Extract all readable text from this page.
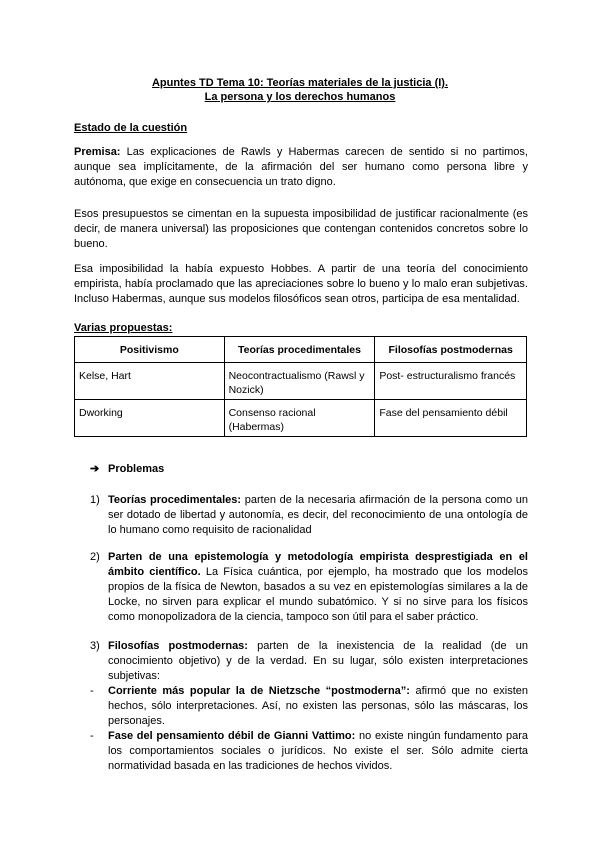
Apuntes TD Tema 10: Teorías materiales de la justicia (I).
La persona y los derechos humanos
Estado de la cuestión
Premisa: Las explicaciones de Rawls y Habermas carecen de sentido si no partimos, aunque sea implícitamente, de la afirmación del ser humano como persona libre y autónoma, que exige en consecuencia un trato digno.
Esos presupuestos se cimentan en la supuesta imposibilidad de justificar racionalmente (es decir, de manera universal) las proposiciones que contengan contenidos concretos sobre lo bueno.
Esa imposibilidad la había expuesto Hobbes. A partir de una teoría del conocimiento empirista, había proclamado que las apreciaciones sobre lo bueno y lo malo eran subjetivas. Incluso Habermas, aunque sus modelos filosóficos sean otros, participa de esa mentalidad.
Varias propuestas:
Positivismo	Teorías procedimentales	Filosofías postmodernas
Kelse, Hart	Neocontractualismo (Rawsl y Nozick)	Post- estructuralismo francés
Dworking	Consenso racional (Habermas)	Fase del pensamiento débil
➔ Problemas
1) Teorías procedimentales: parten de la necesaria afirmación de la persona como un ser dotado de libertad y autonomía, es decir, del reconocimiento de una ontología de lo humano como requisito de racionalidad
2) Parten de una epistemología y metodología empirista desprestigiada en el ámbito científico. La Física cuántica, por ejemplo, ha mostrado que los modelos propios de la física de Newton, basados a su vez en epistemologías similares a la de Locke, no sirven para explicar el mundo subatómico. Y si no sirve para los físicos como monopolizadora de la ciencia, tampoco son útil para el saber práctico.
3) Filosofías postmodernas: parten de la inexistencia de la realidad (de un conocimiento objetivo) y de la verdad. En su lugar, sólo existen interpretaciones subjetivas:
- Corriente más popular la de Nietzsche “postmoderna”: afirmó que no existen hechos, sólo interpretaciones. Así, no existen las personas, sólo las máscaras, los personajes.
- Fase del pensamiento débil de Gianni Vattimo: no existe ningún fundamento para los comportamientos sociales o jurídicos. No existe el ser. Sólo admite cierta normatividad basada en las tradiciones de hechos vividos.
